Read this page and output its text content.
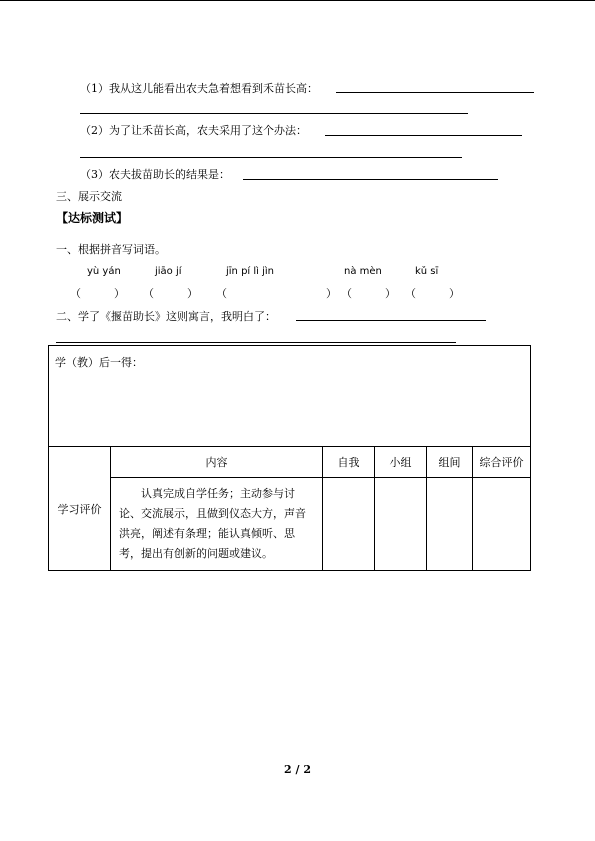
（1）我从这儿能看出农夫急着想看到禾苗长高：
（2）为了让禾苗长高，农夫采用了这个办法：
（3）农夫拔苗助长的结果是：
三、展示交流
【达标测试】
一、根据拼音写词语。
yù yán	jiāo jí	jīn pí lì jìn	nà mèn	kǔ sī
（　　　） （　　　） （　　　　　　　　　） （　　　） （　　　）
二、学了《揠苗助长》这则寓言，我明白了：
学（教）后一得：					
学习评价	内容	自我	小组	组间	综合评价
	认真完成自学任务；主动参与讨论、交流展示，且做到仪态大方，声音洪亮，阐述有条理；能认真倾听、思考，提出有创新的问题或建议。				
2 / 2
